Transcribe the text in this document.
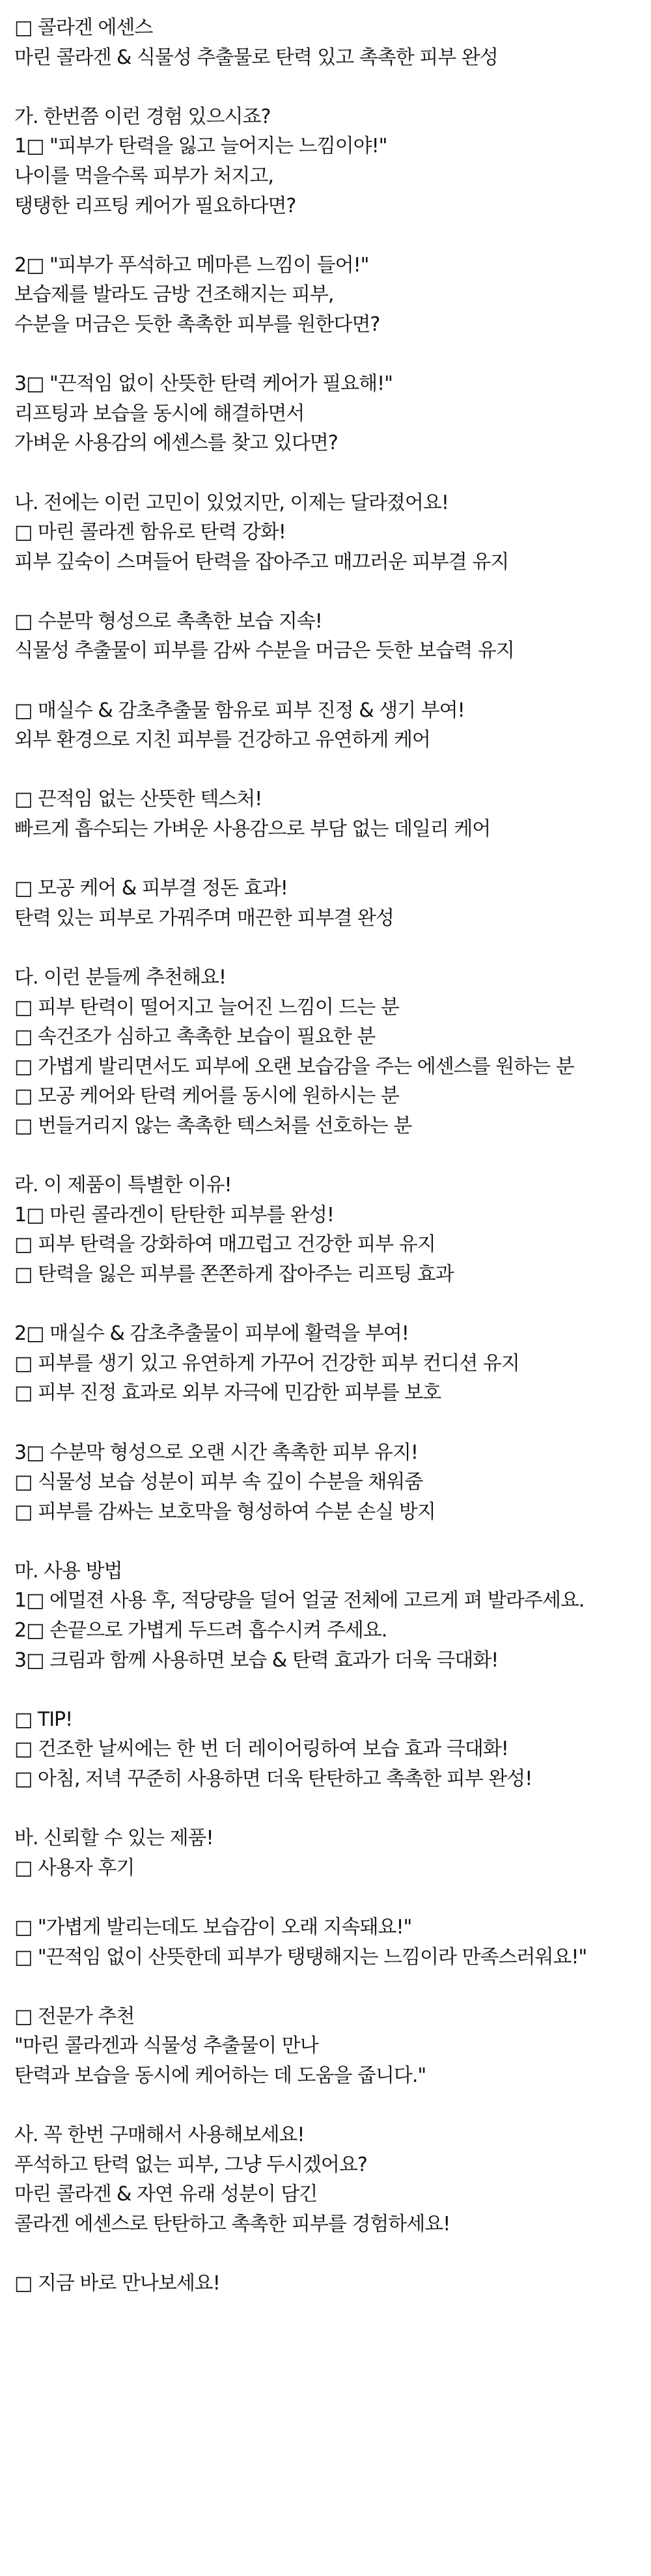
□ 콜라겐 에센스
마린 콜라겐 & 식물성 추출물로 탄력 있고 촉촉한 피부 완성
가. 한번쯤 이런 경험 있으시죠?
1□ "피부가 탄력을 잃고 늘어지는 느낌이야!"
나이를 먹을수록 피부가 처지고,
탱탱한 리프팅 케어가 필요하다면?
2□ "피부가 푸석하고 메마른 느낌이 들어!"
보습제를 발라도 금방 건조해지는 피부,
수분을 머금은 듯한 촉촉한 피부를 원한다면?
3□ "끈적임 없이 산뜻한 탄력 케어가 필요해!"
리프팅과 보습을 동시에 해결하면서
가벼운 사용감의 에센스를 찾고 있다면?
나. 전에는 이런 고민이 있었지만, 이제는 달라졌어요!
□ 마린 콜라겐 함유로 탄력 강화!
피부 깊숙이 스며들어 탄력을 잡아주고 매끄러운 피부결 유지
□ 수분막 형성으로 촉촉한 보습 지속!
식물성 추출물이 피부를 감싸 수분을 머금은 듯한 보습력 유지
□ 매실수 & 감초추출물 함유로 피부 진정 & 생기 부여!
외부 환경으로 지친 피부를 건강하고 유연하게 케어
□ 끈적임 없는 산뜻한 텍스처!
빠르게 흡수되는 가벼운 사용감으로 부담 없는 데일리 케어
□ 모공 케어 & 피부결 정돈 효과!
탄력 있는 피부로 가꿔주며 매끈한 피부결 완성
다. 이런 분들께 추천해요!
□ 피부 탄력이 떨어지고 늘어진 느낌이 드는 분
□ 속건조가 심하고 촉촉한 보습이 필요한 분
□ 가볍게 발리면서도 피부에 오랜 보습감을 주는 에센스를 원하는 분
□ 모공 케어와 탄력 케어를 동시에 원하시는 분
□ 번들거리지 않는 촉촉한 텍스처를 선호하는 분
라. 이 제품이 특별한 이유!
1□ 마린 콜라겐이 탄탄한 피부를 완성!
□ 피부 탄력을 강화하여 매끄럽고 건강한 피부 유지
□ 탄력을 잃은 피부를 쫀쫀하게 잡아주는 리프팅 효과
2□ 매실수 & 감초추출물이 피부에 활력을 부여!
□ 피부를 생기 있고 유연하게 가꾸어 건강한 피부 컨디션 유지
□ 피부 진정 효과로 외부 자극에 민감한 피부를 보호
3□ 수분막 형성으로 오랜 시간 촉촉한 피부 유지!
□ 식물성 보습 성분이 피부 속 깊이 수분을 채워줌
□ 피부를 감싸는 보호막을 형성하여 수분 손실 방지
마. 사용 방법
1□ 에멀젼 사용 후, 적당량을 덜어 얼굴 전체에 고르게 펴 발라주세요.
2□ 손끝으로 가볍게 두드려 흡수시켜 주세요.
3□ 크림과 함께 사용하면 보습 & 탄력 효과가 더욱 극대화!
□ TIP!
□ 건조한 날씨에는 한 번 더 레이어링하여 보습 효과 극대화!
□ 아침, 저녁 꾸준히 사용하면 더욱 탄탄하고 촉촉한 피부 완성!
바. 신뢰할 수 있는 제품!
□ 사용자 후기
□ "가볍게 발리는데도 보습감이 오래 지속돼요!"
□ "끈적임 없이 산뜻한데 피부가 탱탱해지는 느낌이라 만족스러워요!"
□ 전문가 추천
"마린 콜라겐과 식물성 추출물이 만나
탄력과 보습을 동시에 케어하는 데 도움을 줍니다."
사. 꼭 한번 구매해서 사용해보세요!
푸석하고 탄력 없는 피부, 그냥 두시겠어요?
마린 콜라겐 & 자연 유래 성분이 담긴
콜라겐 에센스로 탄탄하고 촉촉한 피부를 경험하세요!
□ 지금 바로 만나보세요!
